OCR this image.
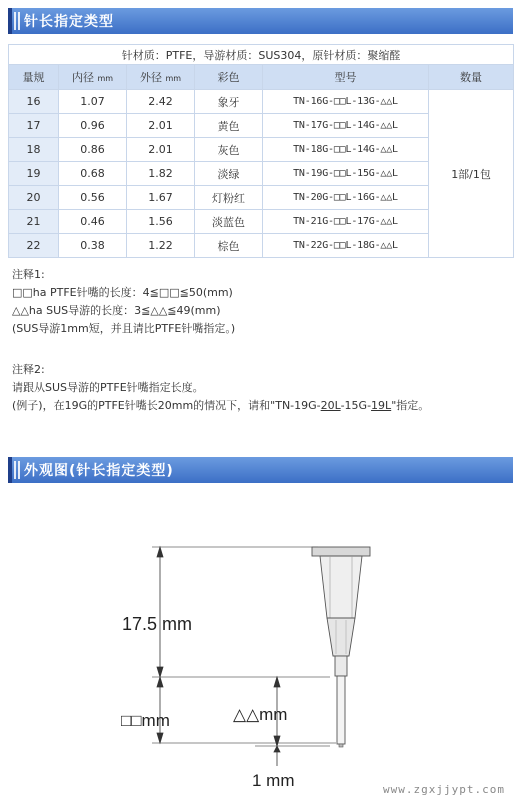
针长指定类型
针材质：PTFE，导游材质：SUS304，原针材质：聚缩醛					
量规	内径 mm	外径 mm	彩色	型号	数量
16	1.07	2.42	象牙	TN-16G-□□L-13G-△△L	1部/1包
17	0.96	2.01	黄色	TN-17G-□□L-14G-△△L	
18	0.86	2.01	灰色	TN-18G-□□L-14G-△△L	
19	0.68	1.82	淡绿	TN-19G-□□L-15G-△△L	
20	0.56	1.67	灯粉红	TN-20G-□□L-16G-△△L	
21	0.46	1.56	淡蓝色	TN-21G-□□L-17G-△△L	
22	0.38	1.22	棕色	TN-22G-□□L-18G-△△L	
注释1:
□□ha PTFE针嘴的长度：4≦□□≦50(mm)
△△ha SUS导游的长度：3≦△△≦49(mm)
(SUS导游1mm短，并且请比PTFE针嘴指定。)
注释2:
请跟从SUS导游的PTFE针嘴指定长度。
(例子)，在19G的PTFE针嘴长20mm的情况下，请和"TN-19G-20L-15G-19L"指定。
外观图(针长指定类型)
17.5 mm
□□mm	△△mm
1 mm	www.zgxjjypt.com
